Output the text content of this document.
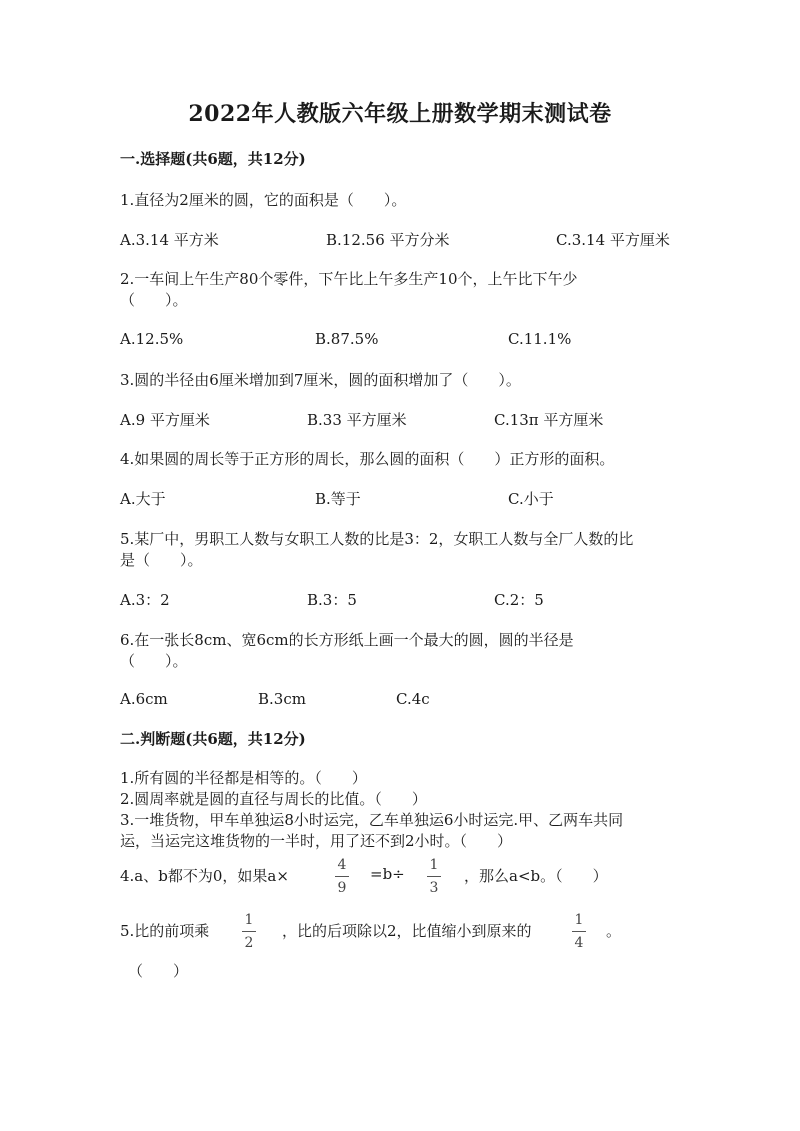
2022年人教版六年级上册数学期末测试卷
一.选择题(共6题，共12分)
1.直径为2厘米的圆，它的面积是（　　）。
A.3.14 平方米	B.12.56 平方分米	C.3.14 平方厘米
2.一车间上午生产80个零件，下午比上午多生产10个，上午比下午少
（　　）。
A.12.5%	B.87.5%	C.11.1%
3.圆的半径由6厘米增加到7厘米，圆的面积增加了（　　）。
A.9 平方厘米	B.33 平方厘米	C.13π 平方厘米
4.如果圆的周长等于正方形的周长，那么圆的面积（　　）正方形的面积。
A.大于	B.等于	C.小于
5.某厂中，男职工人数与女职工人数的比是3：2，女职工人数与全厂人数的比
是（　　）。
A.3：2	B.3：5	C.2：5
6.在一张长8cm、宽6cm的长方形纸上画一个最大的圆，圆的半径是
（　　）。
A.6cm	B.3cm	C.4c
二.判断题(共6题，共12分)
1.所有圆的半径都是相等的。（　　）
2.圆周率就是圆的直径与周长的比值。（　　）
3.一堆货物，甲车单独运8小时运完，乙车单独运6小时运完.甲、乙两车共同
运，当运完这堆货物的一半时，用了还不到2小时。（　　）
4.a、b都不为0，如果a×
4
9
=b÷ 1
3
，那么a<b。（　　）
5.比的前项乘
1
2
，比的后项除以2，比值缩小到原来的
1
4
。
（　　）
